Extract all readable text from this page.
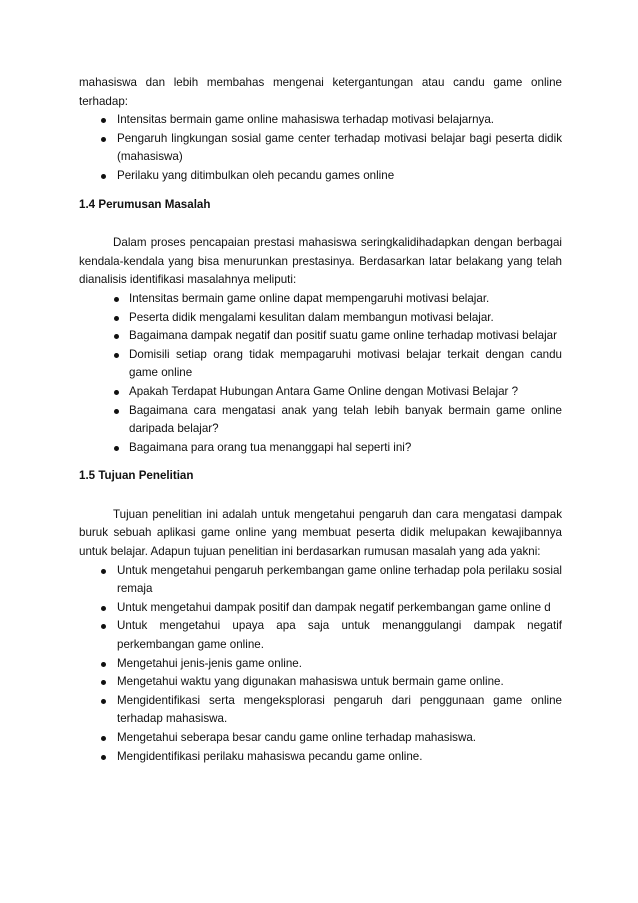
mahasiswa dan lebih membahas mengenai ketergantungan atau candu game online terhadap:

Intensitas bermain game online mahasiswa terhadap motivasi belajarnya.
Pengaruh lingkungan sosial game center terhadap motivasi belajar bagi peserta didik (mahasiswa)
Perilaku yang ditimbulkan oleh pecandu games online

1.4 Perumusan Masalah

Dalam proses pencapaian prestasi mahasiswa seringkalidihadapkan dengan berbagai kendala-kendala yang bisa menurunkan prestasinya. Berdasarkan latar belakang yang telah dianalisis identifikasi masalahnya meliputi:

Intensitas bermain game online dapat mempengaruhi motivasi belajar.
Peserta didik mengalami kesulitan dalam membangun motivasi belajar.
Bagaimana dampak negatif dan positif suatu game online terhadap motivasi belajar
Domisili setiap orang tidak mempagaruhi motivasi belajar terkait dengan candu game online
Apakah Terdapat Hubungan Antara Game Online dengan Motivasi Belajar ?
Bagaimana cara mengatasi anak yang telah lebih banyak bermain game online daripada belajar?
Bagaimana para orang tua menanggapi hal seperti ini?

1.5 Tujuan Penelitian

Tujuan penelitian ini adalah untuk mengetahui pengaruh dan cara mengatasi dampak buruk sebuah aplikasi game online yang membuat peserta didik melupakan kewajibannya untuk belajar. Adapun tujuan penelitian ini berdasarkan rumusan masalah yang ada yakni:

Untuk mengetahui pengaruh perkembangan game online terhadap pola perilaku sosial remaja
Untuk mengetahui dampak positif dan dampak negatif perkembangan game online d
Untuk mengetahui upaya apa saja untuk menanggulangi dampak negatif perkembangan game online.
Mengetahui jenis-jenis game online.
Mengetahui waktu yang digunakan mahasiswa untuk bermain game online.
Mengidentifikasi serta mengeksplorasi pengaruh dari penggunaan game online terhadap mahasiswa.
Mengetahui seberapa besar candu game online terhadap mahasiswa.
Mengidentifikasi perilaku mahasiswa pecandu game online.
